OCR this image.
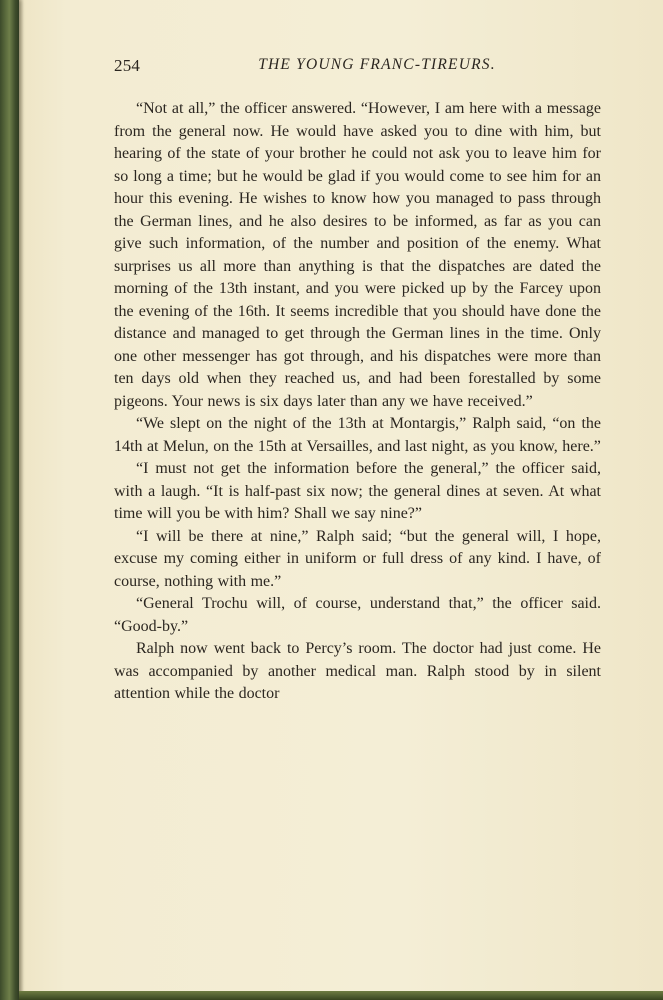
254	THE YOUNG FRANC-TIREURS.

“Not at all,” the officer answered. “However, I am here with a message from the general now. He would have asked you to dine with him, but hearing of the state of your brother he could not ask you to leave him for so long a time; but he would be glad if you would come to see him for an hour this evening. He wishes to know how you managed to pass through the German lines, and he also desires to be informed, as far as you can give such information, of the number and position of the enemy. What surprises us all more than anything is that the dispatches are dated the morning of the 13th instant, and you were picked up by the Farcey upon the evening of the 16th. It seems incredible that you should have done the distance and managed to get through the German lines in the time. Only one other messenger has got through, and his dispatches were more than ten days old when they reached us, and had been forestalled by some pigeons. Your news is six days later than any we have received.”

“We slept on the night of the 13th at Montargis,” Ralph said, “on the 14th at Melun, on the 15th at Versailles, and last night, as you know, here.”

“I must not get the information before the general,” the officer said, with a laugh. “It is half-past six now; the general dines at seven. At what time will you be with him? Shall we say nine?”

“I will be there at nine,” Ralph said; “but the general will, I hope, excuse my coming either in uniform or full dress of any kind. I have, of course, nothing with me.”

“General Trochu will, of course, understand that,” the officer said. “Good-by.”

Ralph now went back to Percy’s room. The doctor had just come. He was accompanied by another medical man. Ralph stood by in silent attention while the doctor
